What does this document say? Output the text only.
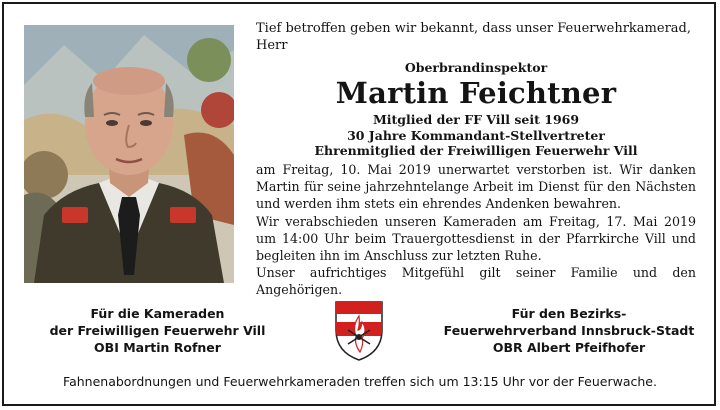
Tief betroffen geben wir bekannt, dass unser Feuerwehrkamerad, Herr
Oberbrandinspektor
Martin Feichtner
Mitglied der FF Vill seit 1969
30 Jahre Kommandant-Stellvertreter
Ehrenmitglied der Freiwilligen Feuerwehr Vill

am Freitag, 10. Mai 2019 unerwartet verstorben ist. Wir danken Martin für seine jahrzehntelange Arbeit im Dienst für den Nächsten und werden ihm stets ein ehrendes Andenken bewahren.

Wir verabschieden unseren Kameraden am Freitag, 17. Mai 2019 um 14:00 Uhr beim Trauergottesdienst in der Pfarrkirche Vill und begleiten ihn im Anschluss zur letzten Ruhe.

Unser aufrichtiges Mitgefühl gilt seiner Familie und den Angehörigen.

Für die Kameraden
der Freiwilligen Feuerwehr Vill
OBI Martin Rofner
Für den Bezirks-
Feuerwehrverband Innsbruck-Stadt
OBR Albert Pfeifhofer
Fahnenabordnungen und Feuerwehrkameraden treffen sich um 13:15 Uhr vor der Feuerwache.
